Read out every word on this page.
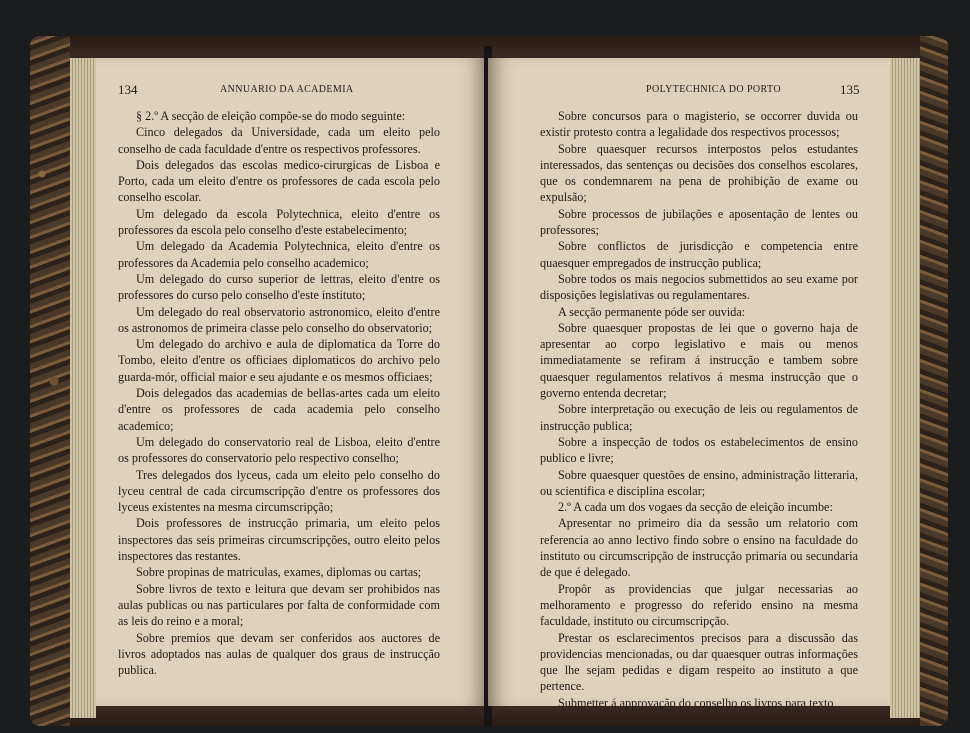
134	ANNUARIO DA ACADEMIA

§ 2.º A secção de eleição compõe-se do modo seguinte:

Cinco delegados da Universidade, cada um eleito pelo conselho de cada faculdade d'entre os respectivos professores.

Dois delegados das escolas medico-cirurgicas de Lisboa e Porto, cada um eleito d'entre os professores de cada escola pelo conselho escolar.

Um delegado da escola Polytechnica, eleito d'entre os professores da escola pelo conselho d'este estabelecimento;

Um delegado da Academia Polytechnica, eleito d'entre os professores da Academia pelo conselho academico;

Um delegado do curso superior de lettras, eleito d'entre os professores do curso pelo conselho d'este instituto;

Um delegado do real observatorio astronomico, eleito d'entre os astronomos de primeira classe pelo conselho do observatorio;

Um delegado do archivo e aula de diplomatica da Torre do Tombo, eleito d'entre os officiaes diplomaticos do archivo pelo guarda-mór, official maior e seu ajudante e os mesmos officiaes;

Dois delegados das academias de bellas-artes cada um eleito d'entre os professores de cada academia pelo conselho academico;

Um delegado do conservatorio real de Lisboa, eleito d'entre os professores do conservatorio pelo respectivo conselho;

Tres delegados dos lyceus, cada um eleito pelo conselho do lyceu central de cada circumscripção d'entre os professores dos lyceus existentes na mesma circumscripção;

Dois professores de instrucção primaria, um eleito pelos inspectores das seis primeiras circumscripções, outro eleito pelos inspectores das restantes.

Sobre propinas de matriculas, exames, diplomas ou cartas;

Sobre livros de texto e leitura que devam ser prohibidos nas aulas publicas ou nas particulares por falta de conformidade com as leis do reino e a moral;

Sobre premios que devam ser conferidos aos auctores de livros adoptados nas aulas de qualquer dos graus de instrucção publica.

POLYTECHNICA DO PORTO	135

Sobre concursos para o magisterio, se occorrer duvida ou existir protesto contra a legalidade dos respectivos processos;

Sobre quaesquer recursos interpostos pelos estudantes interessados, das sentenças ou decisões dos conselhos escolares, que os condemnarem na pena de prohibição de exame ou expulsão;

Sobre processos de jubilações e aposentação de lentes ou professores;

Sobre conflictos de jurisdicção e competencia entre quaesquer empregados de instrucção publica;

Sobre todos os mais negocios submettidos ao seu exame por disposições legislativas ou regulamentares.

A secção permanente póde ser ouvida:

Sobre quaesquer propostas de lei que o governo haja de apresentar ao corpo legislativo e mais ou menos immediatamente se refiram á instrucção e tambem sobre quaesquer regulamentos relativos á mesma instrucção que o governo entenda decretar;

Sobre interpretação ou execução de leis ou regulamentos de instrucção publica;

Sobre a inspecção de todos os estabelecimentos de ensino publico e livre;

Sobre quaesquer questões de ensino, administração litteraria, ou scientifica e disciplina escolar;

2.º A cada um dos vogaes da secção de eleição incumbe:

Apresentar no primeiro dia da sessão um relatorio com referencia ao anno lectivo findo sobre o ensino na faculdade do instituto ou circumscripção de instrucção primaria ou secundaria de que é delegado.

Propôr as providencias que julgar necessarias ao melhoramento e progresso do referido ensino na mesma faculdade, instituto ou circumscripção.

Prestar os esclarecimentos precisos para a discussão das providencias mencionadas, ou dar quaesquer outras informações que lhe sejam pedidas e digam respeito ao instituto a que pertence.

Submetter á approvação do conselho os livros para texto
